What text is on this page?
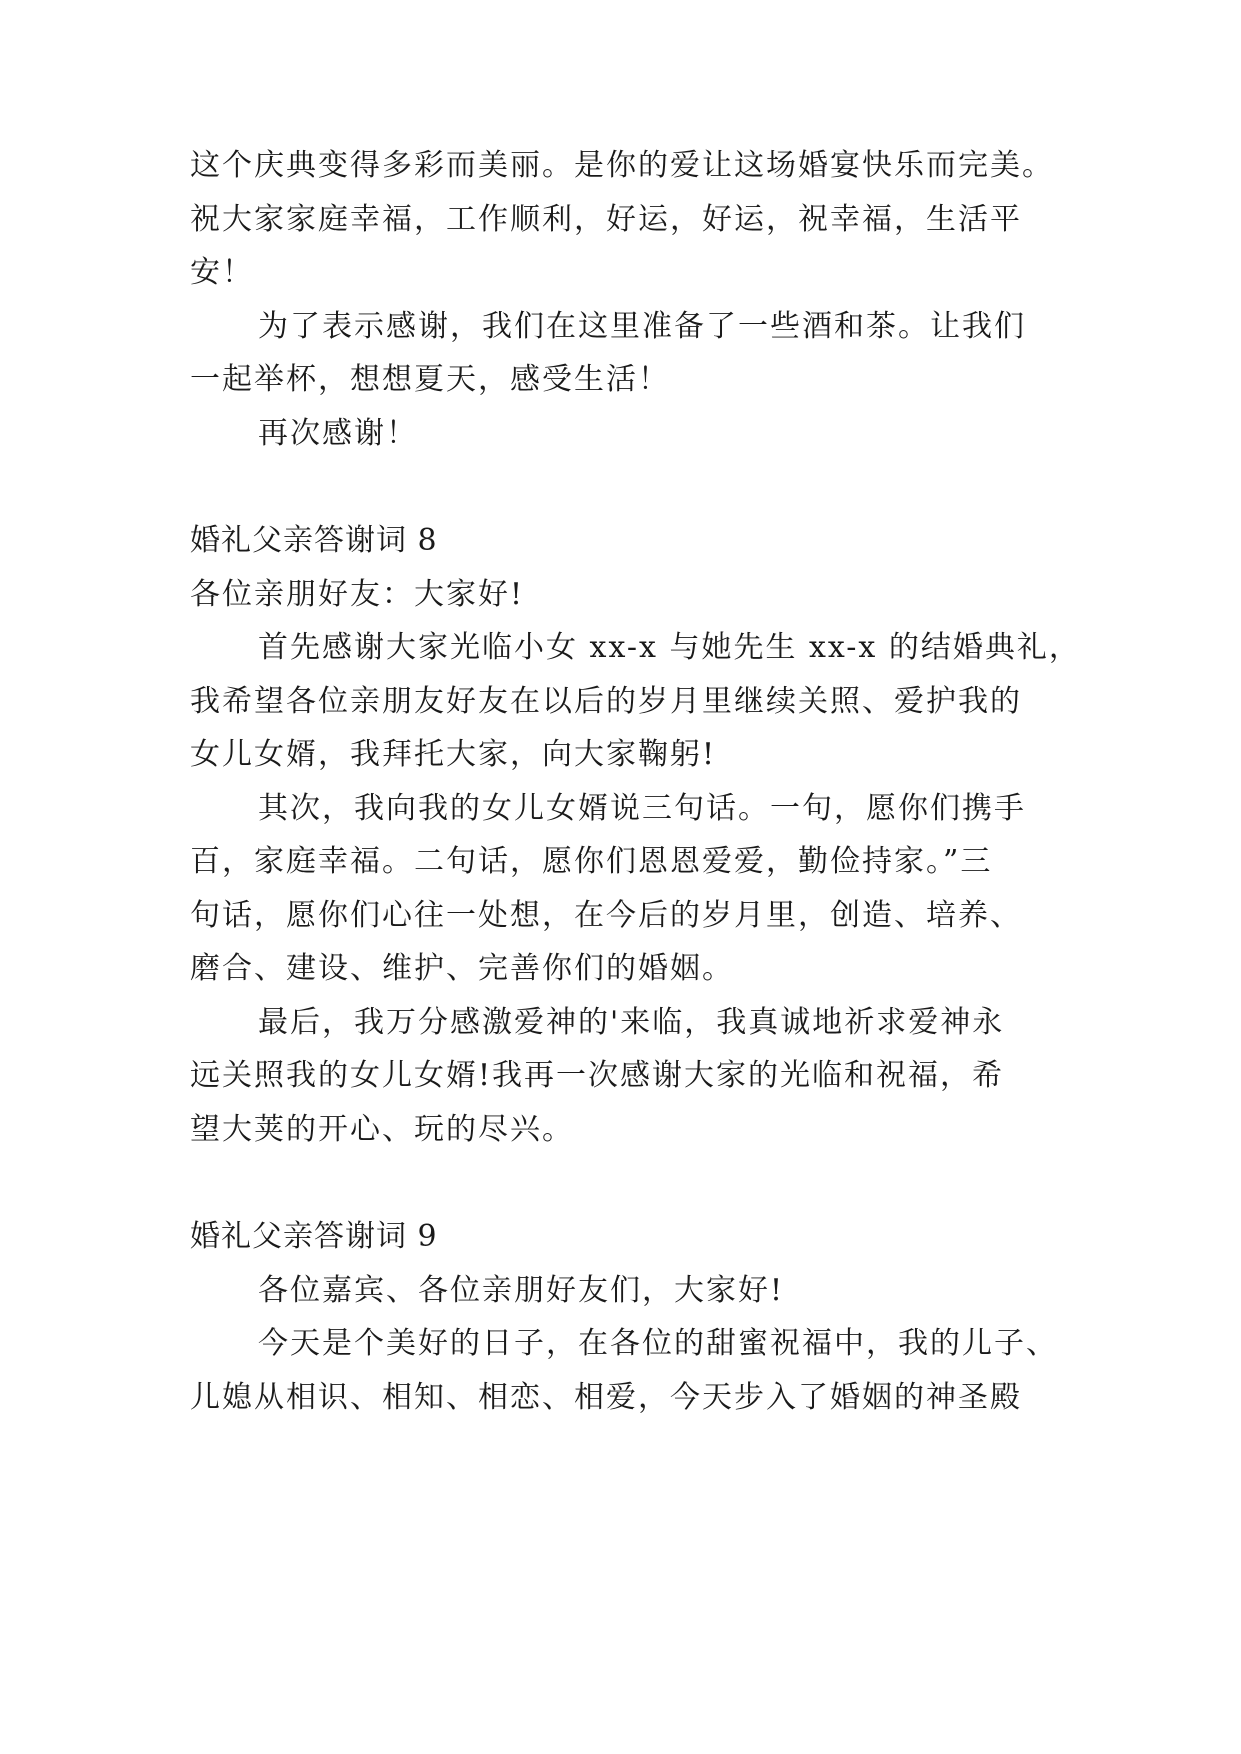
这个庆典变得多彩而美丽。是你的爱让这场婚宴快乐而完美。
祝大家家庭幸福，工作顺利，好运，好运，祝幸福，生活平
安！
为了表示感谢，我们在这里准备了一些酒和茶。让我们
一起举杯，想想夏天，感受生活！
再次感谢！
婚礼父亲答谢词 8
各位亲朋好友：大家好!
首先感谢大家光临小女 xx-x 与她先生 xx-x 的结婚典礼，
我希望各位亲朋友好友在以后的岁月里继续关照、爱护我的
女儿女婿，我拜托大家，向大家鞠躬!
其次，我向我的女儿女婿说三句话。一句，愿你们携手
百，家庭幸福。二句话，愿你们恩恩爱爱，勤俭持家。”三
句话，愿你们心往一处想，在今后的岁月里，创造、培养、
磨合、建设、维护、完善你们的婚姻。
最后，我万分感激爱神的'来临，我真诚地祈求爱神永
远关照我的女儿女婿!我再一次感谢大家的光临和祝福，希
望大荚的开心、玩的尽兴。
婚礼父亲答谢词 9
各位嘉宾、各位亲朋好友们，大家好!
今天是个美好的日子，在各位的甜蜜祝福中，我的儿子、
儿媳从相识、相知、相恋、相爱，今天步入了婚姻的神圣殿
